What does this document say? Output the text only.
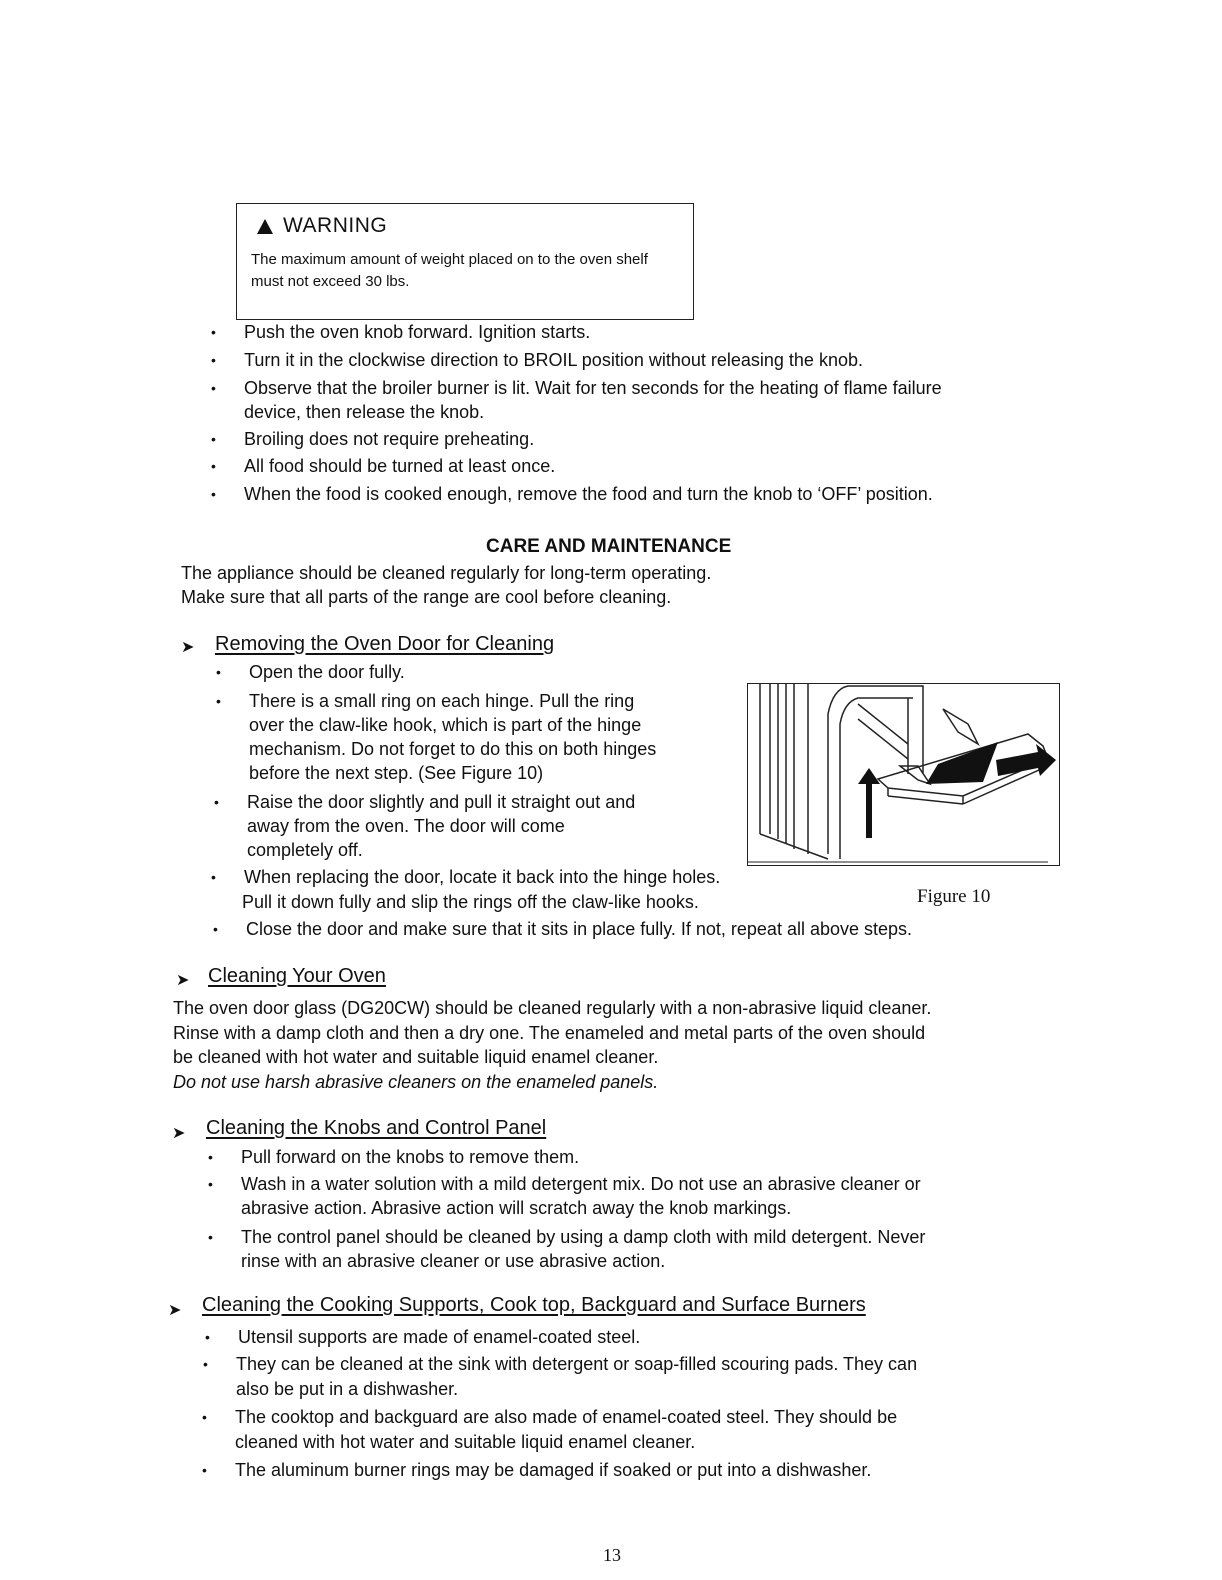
WARNING
The maximum amount of weight placed on to the oven shelf must not exceed 30 lbs.
• Push the oven knob forward. Ignition starts.
• Turn it in the clockwise direction to BROIL position without releasing the knob.
• Observe that the broiler burner is lit. Wait for ten seconds for the heating of flame failure
device, then release the knob.
• Broiling does not require preheating.
• All food should be turned at least once.
• When the food is cooked enough, remove the food and turn the knob to ‘OFF’ position.
CARE AND MAINTENANCE
The appliance should be cleaned regularly for long-term operating.
Make sure that all parts of the range are cool before cleaning.
➤ Removing the Oven Door for Cleaning
• Open the door fully.
• There is a small ring on each hinge. Pull the ring
over the claw-like hook, which is part of the hinge
mechanism. Do not forget to do this on both hinges
before the next step. (See Figure 10)
• Raise the door slightly and pull it straight out and
away from the oven. The door will come
completely off.
• When replacing the door, locate it back into the hinge holes.
Pull it down fully and slip the rings off the claw-like hooks.
• Close the door and make sure that it sits in place fully. If not, repeat all above steps.
Figure 10
➤ Cleaning Your Oven
The oven door glass (DG20CW) should be cleaned regularly with a non-abrasive liquid cleaner.
Rinse with a damp cloth and then a dry one. The enameled and metal parts of the oven should
be cleaned with hot water and suitable liquid enamel cleaner.
Do not use harsh abrasive cleaners on the enameled panels.
➤ Cleaning the Knobs and Control Panel
• Pull forward on the knobs to remove them.
• Wash in a water solution with a mild detergent mix. Do not use an abrasive cleaner or
abrasive action. Abrasive action will scratch away the knob markings.
• The control panel should be cleaned by using a damp cloth with mild detergent. Never
rinse with an abrasive cleaner or use abrasive action.
➤ Cleaning the Cooking Supports, Cook top, Backguard and Surface Burners
• Utensil supports are made of enamel-coated steel.
• They can be cleaned at the sink with detergent or soap-filled scouring pads. They can
also be put in a dishwasher.
• The cooktop and backguard are also made of enamel-coated steel. They should be
cleaned with hot water and suitable liquid enamel cleaner.
• The aluminum burner rings may be damaged if soaked or put into a dishwasher.
13
